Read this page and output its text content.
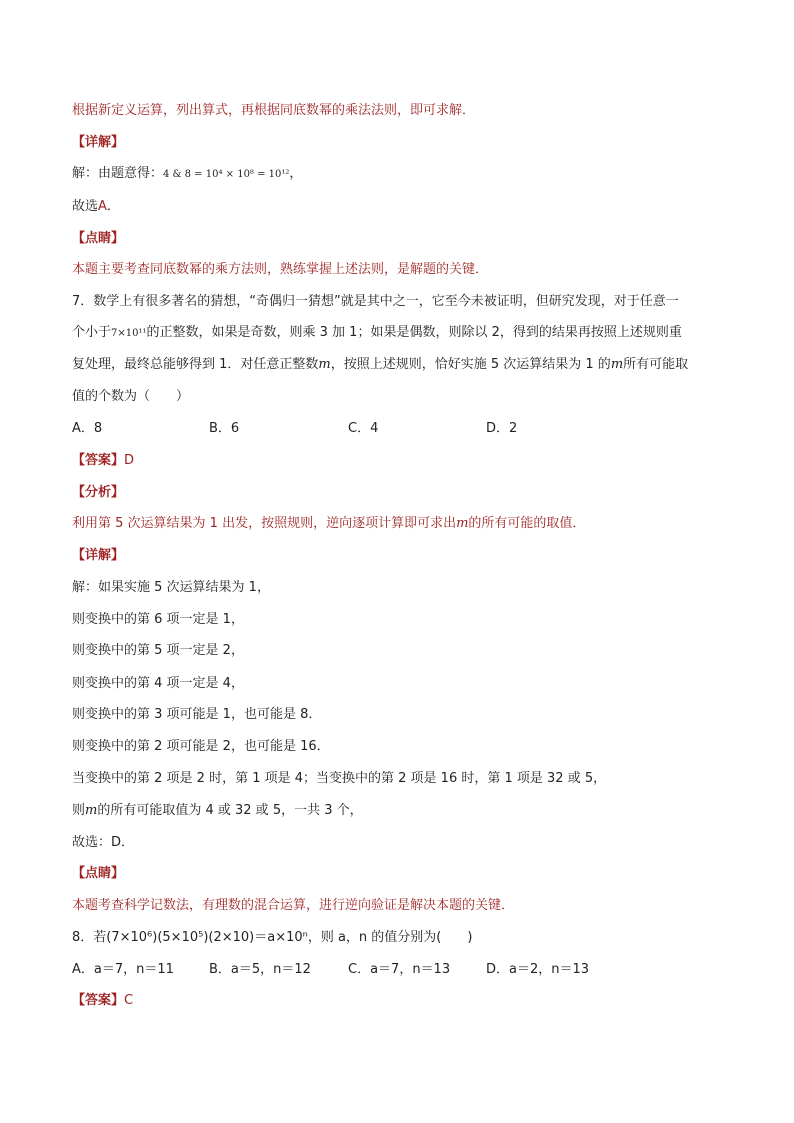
根据新定义运算，列出算式，再根据同底数幂的乘法法则，即可求解．
【详解】
解：由题意得：4 & 8 = 10⁴ × 10⁸ = 10¹²，
故选A．
【点睛】
本题主要考查同底数幂的乘方法则，熟练掌握上述法则，是解题的关键．
7．数学上有很多著名的猜想，“奇偶归一猜想”就是其中之一，它至今未被证明，但研究发现，对于任意一
个小于7×10¹¹的正整数，如果是奇数，则乘 3 加 1；如果是偶数，则除以 2，得到的结果再按照上述规则重
复处理，最终总能够得到 1．对任意正整数m，按照上述规则，恰好实施 5 次运算结果为 1 的m所有可能取
值的个数为（　　）
A．8	B．6	C．4	D．2
【答案】D
【分析】
利用第 5 次运算结果为 1 出发，按照规则，逆向逐项计算即可求出m的所有可能的取值．
【详解】
解：如果实施 5 次运算结果为 1，
则变换中的第 6 项一定是 1，
则变换中的第 5 项一定是 2，
则变换中的第 4 项一定是 4，
则变换中的第 3 项可能是 1，也可能是 8．
则变换中的第 2 项可能是 2，也可能是 16．
当变换中的第 2 项是 2 时，第 1 项是 4；当变换中的第 2 项是 16 时，第 1 项是 32 或 5，
则m的所有可能取值为 4 或 32 或 5，一共 3 个，
故选：D．
【点睛】
本题考查科学记数法，有理数的混合运算，进行逆向验证是解决本题的关键．
8．若(7×10⁶)(5×10⁵)(2×10)＝a×10ⁿ，则 a，n 的值分别为(　　)
A．a＝7，n＝11	B．a＝5，n＝12	C．a＝7，n＝13	D．a＝2，n＝13
【答案】C
